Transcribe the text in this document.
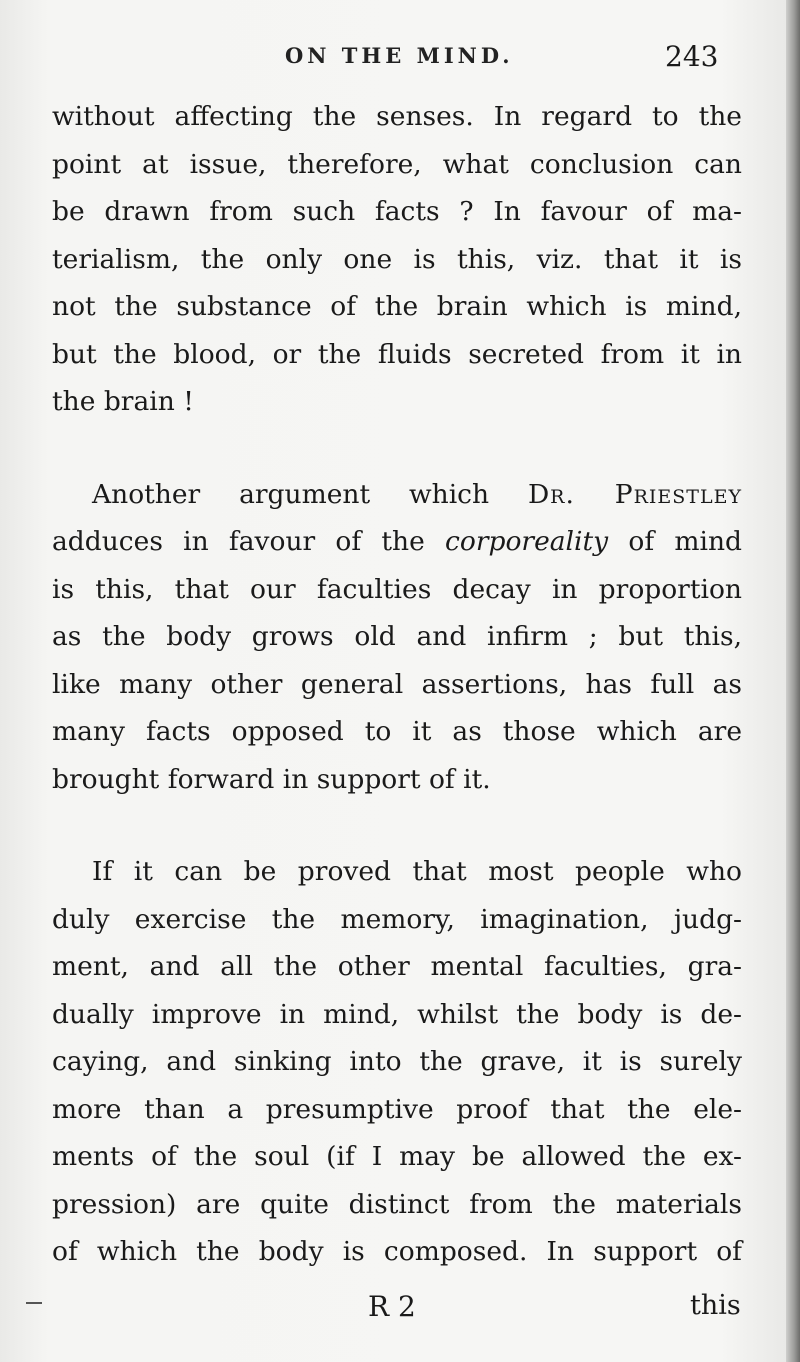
ON THE MIND.	243
without affecting the senses. In regard to the
point at issue, therefore, what conclusion can
be drawn from such facts ? In favour of ma-
terialism, the only one is this, viz. that it is
not the substance of the brain which is mind,
but the blood, or the fluids secreted from it in
the brain !
Another argument which Dr. Priestley
adduces in favour of the corporeality of mind
is this, that our faculties decay in proportion
as the body grows old and infirm ; but this,
like many other general assertions, has full as
many facts opposed to it as those which are
brought forward in support of it.
If it can be proved that most people who
duly exercise the memory, imagination, judg-
ment, and all the other mental faculties, gra-
dually improve in mind, whilst the body is de-
caying, and sinking into the grave, it is surely
more than a presumptive proof that the ele-
ments of the soul (if I may be allowed the ex-
pression) are quite distinct from the materials
of which the body is composed. In support of
R 2	this
